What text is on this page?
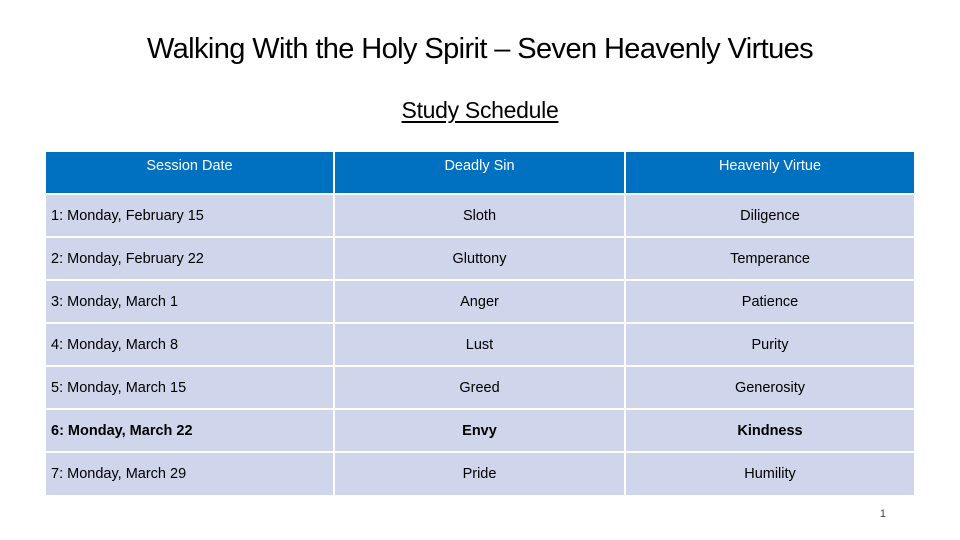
Walking With the Holy Spirit – Seven Heavenly Virtues
Study Schedule
Session Date	Deadly Sin	Heavenly Virtue
1: Monday, February 15	Sloth	Diligence
2: Monday, February 22	Gluttony	Temperance
3: Monday, March 1	Anger	Patience
4: Monday, March 8	Lust	Purity
5: Monday, March 15	Greed	Generosity
6: Monday, March 22	Envy	Kindness
7: Monday, March 29	Pride	Humility
1
